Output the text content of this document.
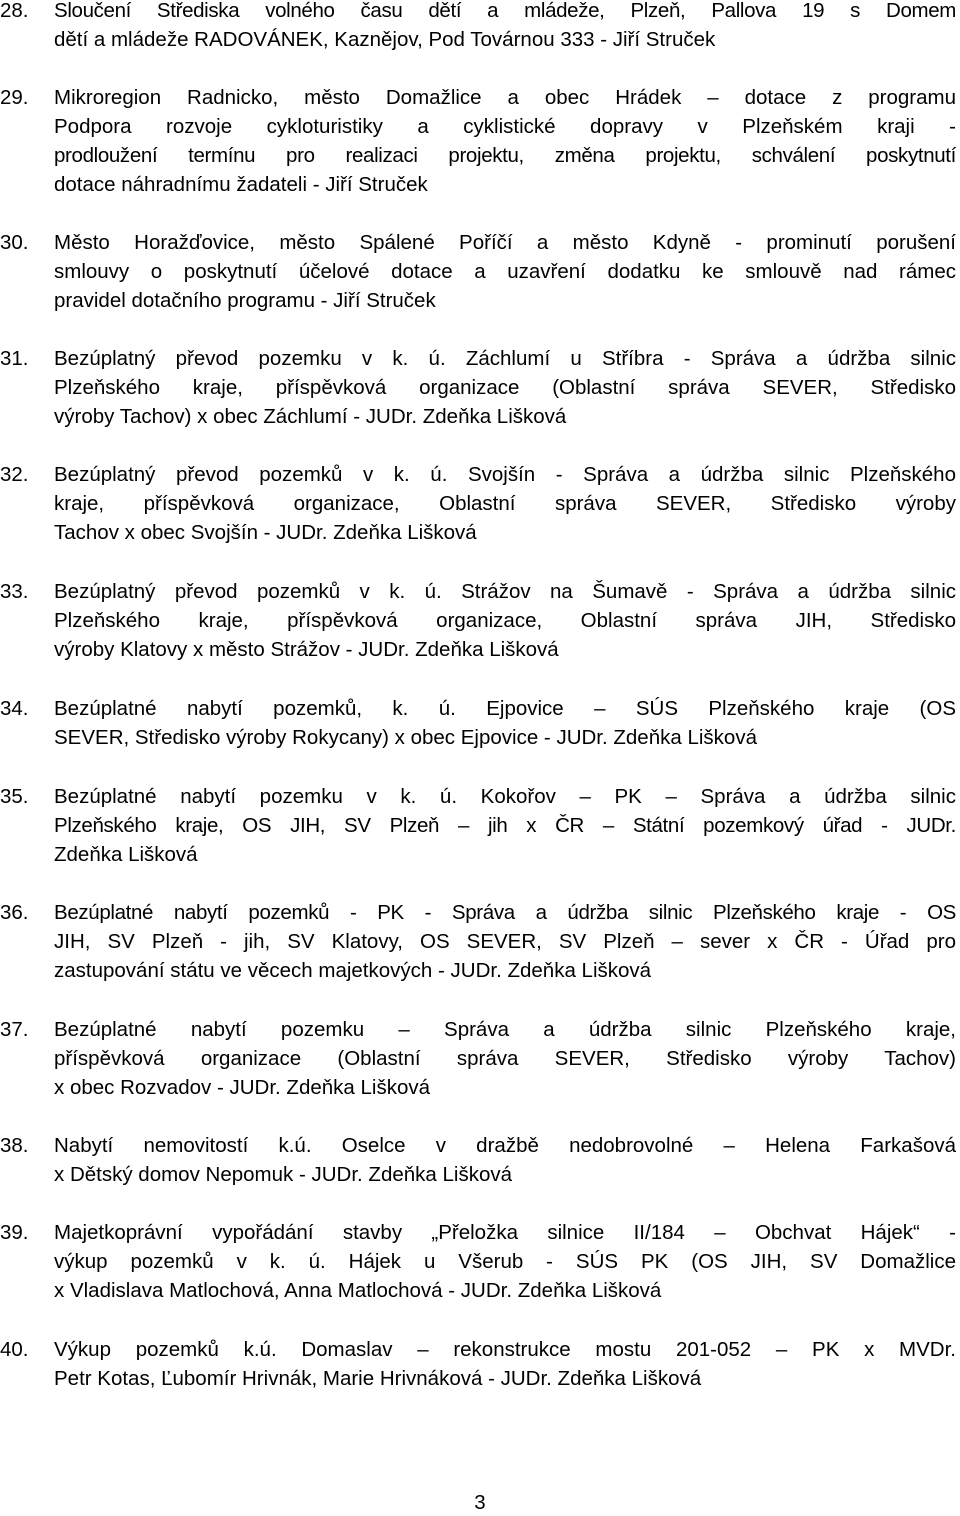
28. Sloučení Střediska volného času dětí a mládeže, Plzeň, Pallova 19 s Domem
dětí a mládeže RADOVÁNEK, Kaznějov, Pod Továrnou 333 - Jiří Struček
29. Mikroregion Radnicko, město Domažlice a obec Hrádek – dotace z programu
Podpora rozvoje cykloturistiky a cyklistické dopravy v Plzeňském kraji -
prodloužení termínu pro realizaci projektu, změna projektu, schválení poskytnutí
dotace náhradnímu žadateli - Jiří Struček
30. Město Horažďovice, město Spálené Poříčí a město Kdyně - prominutí porušení
smlouvy o poskytnutí účelové dotace a uzavření dodatku ke smlouvě nad rámec
pravidel dotačního programu - Jiří Struček
31. Bezúplatný převod pozemku v k. ú. Záchlumí u Stříbra - Správa a údržba silnic
Plzeňského kraje, příspěvková organizace (Oblastní správa SEVER, Středisko
výroby Tachov) x obec Záchlumí - JUDr. Zdeňka Lišková
32. Bezúplatný převod pozemků v k. ú. Svojšín - Správa a údržba silnic Plzeňského
kraje, příspěvková organizace, Oblastní správa SEVER, Středisko výroby
Tachov x obec Svojšín - JUDr. Zdeňka Lišková
33. Bezúplatný převod pozemků v k. ú. Strážov na Šumavě - Správa a údržba silnic
Plzeňského kraje, příspěvková organizace, Oblastní správa JIH, Středisko
výroby Klatovy x město Strážov - JUDr. Zdeňka Lišková
34. Bezúplatné nabytí pozemků, k. ú. Ejpovice – SÚS Plzeňského kraje (OS
SEVER, Středisko výroby Rokycany) x obec Ejpovice - JUDr. Zdeňka Lišková
35. Bezúplatné nabytí pozemku v k. ú. Kokořov – PK – Správa a údržba silnic
Plzeňského kraje, OS JIH, SV Plzeň – jih x ČR – Státní pozemkový úřad - JUDr.
Zdeňka Lišková
36. Bezúplatné nabytí pozemků - PK - Správa a údržba silnic Plzeňského kraje - OS
JIH, SV Plzeň - jih, SV Klatovy, OS SEVER, SV Plzeň – sever x ČR - Úřad pro
zastupování státu ve věcech majetkových - JUDr. Zdeňka Lišková
37. Bezúplatné nabytí pozemku – Správa a údržba silnic Plzeňského kraje,
příspěvková organizace (Oblastní správa SEVER, Středisko výroby Tachov)
x obec Rozvadov - JUDr. Zdeňka Lišková
38. Nabytí nemovitostí k.ú. Oselce v dražbě nedobrovolné – Helena Farkašová
x Dětský domov Nepomuk - JUDr. Zdeňka Lišková
39. Majetkoprávní vypořádání stavby „Přeložka silnice II/184 – Obchvat Hájek“ -
výkup pozemků v k. ú. Hájek u Všerub - SÚS PK (OS JIH, SV Domažlice
x Vladislava Matlochová, Anna Matlochová - JUDr. Zdeňka Lišková
40. Výkup pozemků k.ú. Domaslav – rekonstrukce mostu 201-052 – PK x MVDr.
Petr Kotas, Ľubomír Hrivnák, Marie Hrivnáková - JUDr. Zdeňka Lišková
3
